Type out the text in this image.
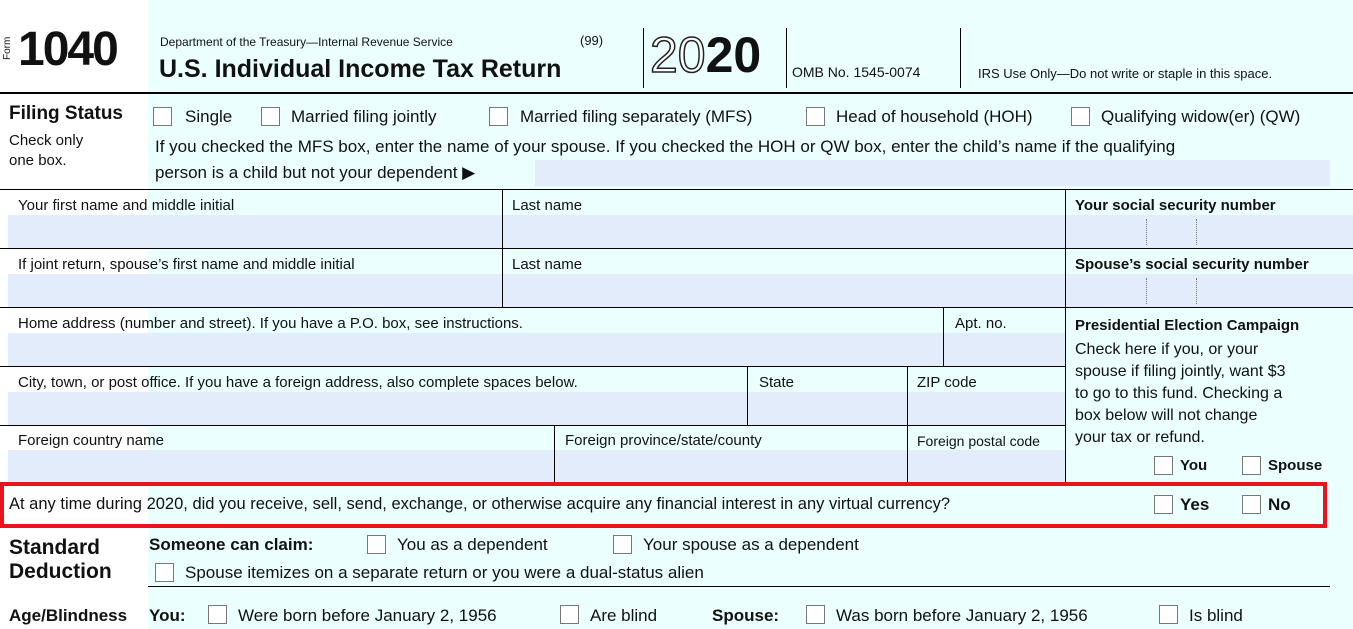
Form 1040	Department of the Treasury—Internal Revenue Service	(99)
U.S. Individual Income Tax Return 2020 OMB No. 1545-0074	IRS Use Only—Do not write or staple in this space.
Filing Status
Check only
one box.
Single	Married filing jointly	Married filing separately (MFS)	Head of household (HOH)	Qualifying widow(er) (QW)
If you checked the MFS box, enter the name of your spouse. If you checked the HOH or QW box, enter the child’s name if the qualifying
person is a child but not your dependent ▶
Your first name and middle initial	Last name	Your social security number
If joint return, spouse’s first name and middle initial	Last name	Spouse’s social security number
Home address (number and street). If you have a P.O. box, see instructions.	Apt. no.
City, town, or post office. If you have a foreign address, also complete spaces below.	State	ZIP code
Foreign country name	Foreign province/state/county	Foreign postal code
Presidential Election Campaign
Check here if you, or your
spouse if filing jointly, want $3
to go to this fund. Checking a
box below will not change
your tax or refund.
You	Spouse
At any time during 2020, did you receive, sell, send, exchange, or otherwise acquire any financial interest in any virtual currency?	Yes	No
Standard
Deduction
Someone can claim:	You as a dependent	Your spouse as a dependent
Spouse itemizes on a separate return or you were a dual-status alien
Age/Blindness You:	Were born before January 2, 1956	Are blind	Spouse:	Was born before January 2, 1956	Is blind
